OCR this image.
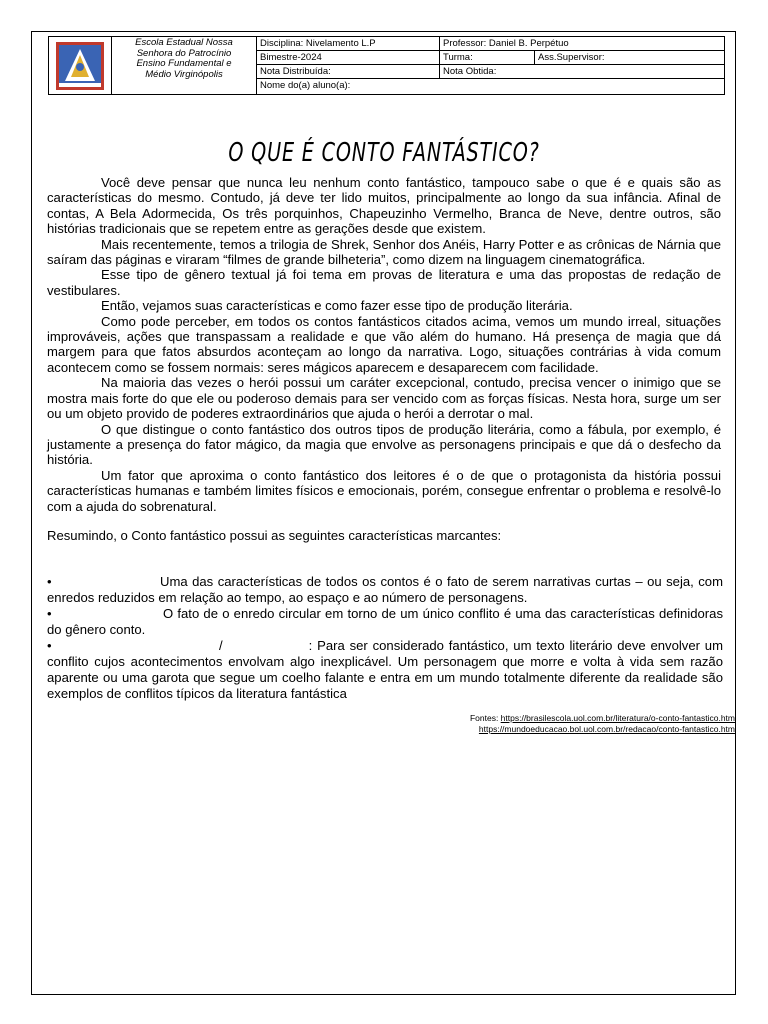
Escola Estadual Nossa
Senhora do Patrocínio
Ensino Fundamental e
Médio Virginópolis
Disciplina: Nivelamento L.P	Professor: Daniel B. Perpétuo
Bimestre-2024	Turma:	Ass.Supervisor:
Nota Distribuída:	Nota Obtida:
Nome do(a) aluno(a):
O QUE É CONTO FANTÁSTICO?

Você deve pensar que nunca leu nenhum conto fantástico, tampouco sabe o que é e quais são as características do mesmo. Contudo, já deve ter lido muitos, principalmente ao longo da sua infância. Afinal de contas, A Bela Adormecida, Os três porquinhos, Chapeuzinho Vermelho, Branca de Neve, dentre outros, são histórias tradicionais que se repetem entre as gerações desde que existem.

Mais recentemente, temos a trilogia de Shrek, Senhor dos Anéis, Harry Potter e as crônicas de Nárnia que saíram das páginas e viraram “filmes de grande bilheteria”, como dizem na linguagem cinematográfica.

Esse tipo de gênero textual já foi tema em provas de literatura e uma das propostas de redação de vestibulares.

Então, vejamos suas características e como fazer esse tipo de produção literária.

Como pode perceber, em todos os contos fantásticos citados acima, vemos um mundo irreal, situações improváveis, ações que transpassam a realidade e que vão além do humano. Há presença de magia que dá margem para que fatos absurdos aconteçam ao longo da narrativa. Logo, situações contrárias à vida comum acontecem como se fossem normais: seres mágicos aparecem e desaparecem com facilidade.

Na maioria das vezes o herói possui um caráter excepcional, contudo, precisa vencer o inimigo que se mostra mais forte do que ele ou poderoso demais para ser vencido com as forças físicas. Nesta hora, surge um ser ou um objeto provido de poderes extraordinários que ajuda o herói a derrotar o mal.

O que distingue o conto fantástico dos outros tipos de produção literária, como a fábula, por exemplo, é justamente a presença do fator mágico, da magia que envolve as personagens principais e que dá o desfecho da história.

Um fator que aproxima o conto fantástico dos leitores é o de que o protagonista da história possui características humanas e também limites físicos e emocionais, porém, consegue enfrentar o problema e resolvê-lo com a ajuda do sobrenatural.

Resumindo, o Conto fantástico possui as seguintes características marcantes:

•	Uma das características de todos os contos é o fato de serem narrativas curtas – ou seja, com enredos reduzidos em relação ao tempo, ao espaço e ao número de personagens.

•	O fato de o enredo circular em torno de um único conflito é uma das características definidoras do gênero conto.

•	/	: Para ser considerado fantástico, um texto literário deve envolver um conflito cujos acontecimentos envolvam algo inexplicável. Um personagem que morre e volta à vida sem razão aparente ou uma garota que segue um coelho falante e entra em um mundo totalmente diferente da realidade são exemplos de conflitos típicos da literatura fantástica

Fontes: https://brasilescola.uol.com.br/literatura/o-conto-fantastico.htm
https://mundoeducacao.bol.uol.com.br/redacao/conto-fantastico.htm
